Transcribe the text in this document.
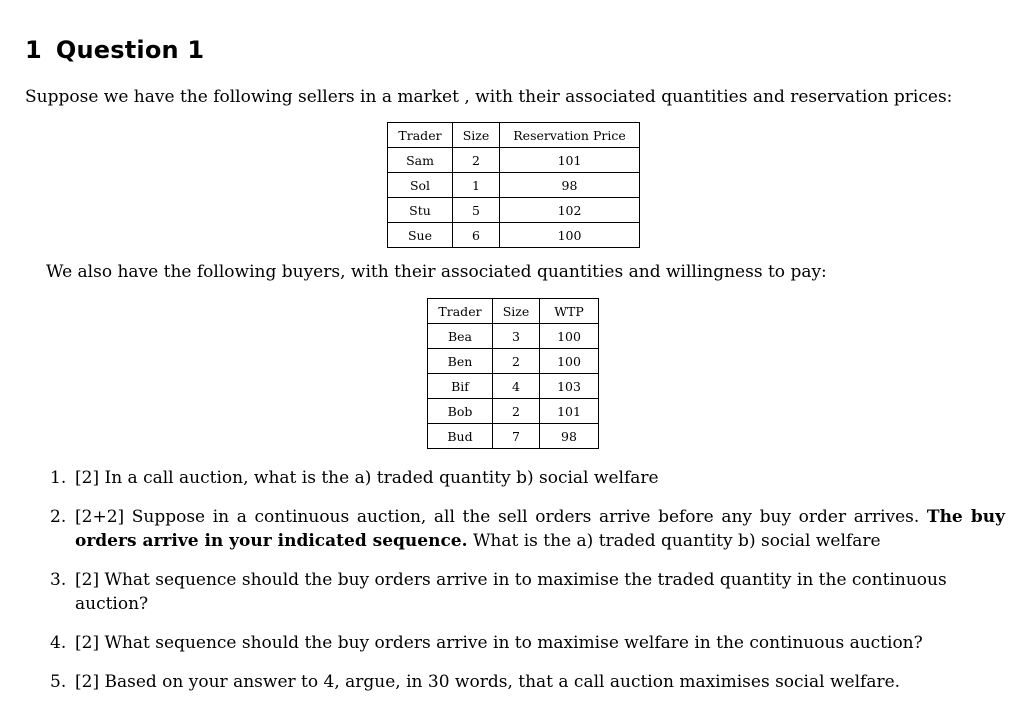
1 Question 1

Suppose we have the following sellers in a market , with their associated quantities and reservation prices:

Trader	Size	Reservation Price
Sam	2	101
Sol	1	98
Stu	5	102
Sue	6	100

We also have the following buyers, with their associated quantities and willingness to pay:

Trader	Size	WTP
Bea	3	100
Ben	2	100
Bif	4	103
Bob	2	101
Bud	7	98
1. [2] In a call auction, what is the a) traded quantity b) social welfare
2. [2+2] Suppose in a continuous auction, all the sell orders arrive before any buy order arrives. The buy orders arrive in your indicated sequence. What is the a) traded quantity b) social welfare
3. [2] What sequence should the buy orders arrive in to maximise the traded quantity in the continuous auction?
4. [2] What sequence should the buy orders arrive in to maximise welfare in the continuous auction?
5. [2] Based on your answer to 4, argue, in 30 words, that a call auction maximises social welfare.
